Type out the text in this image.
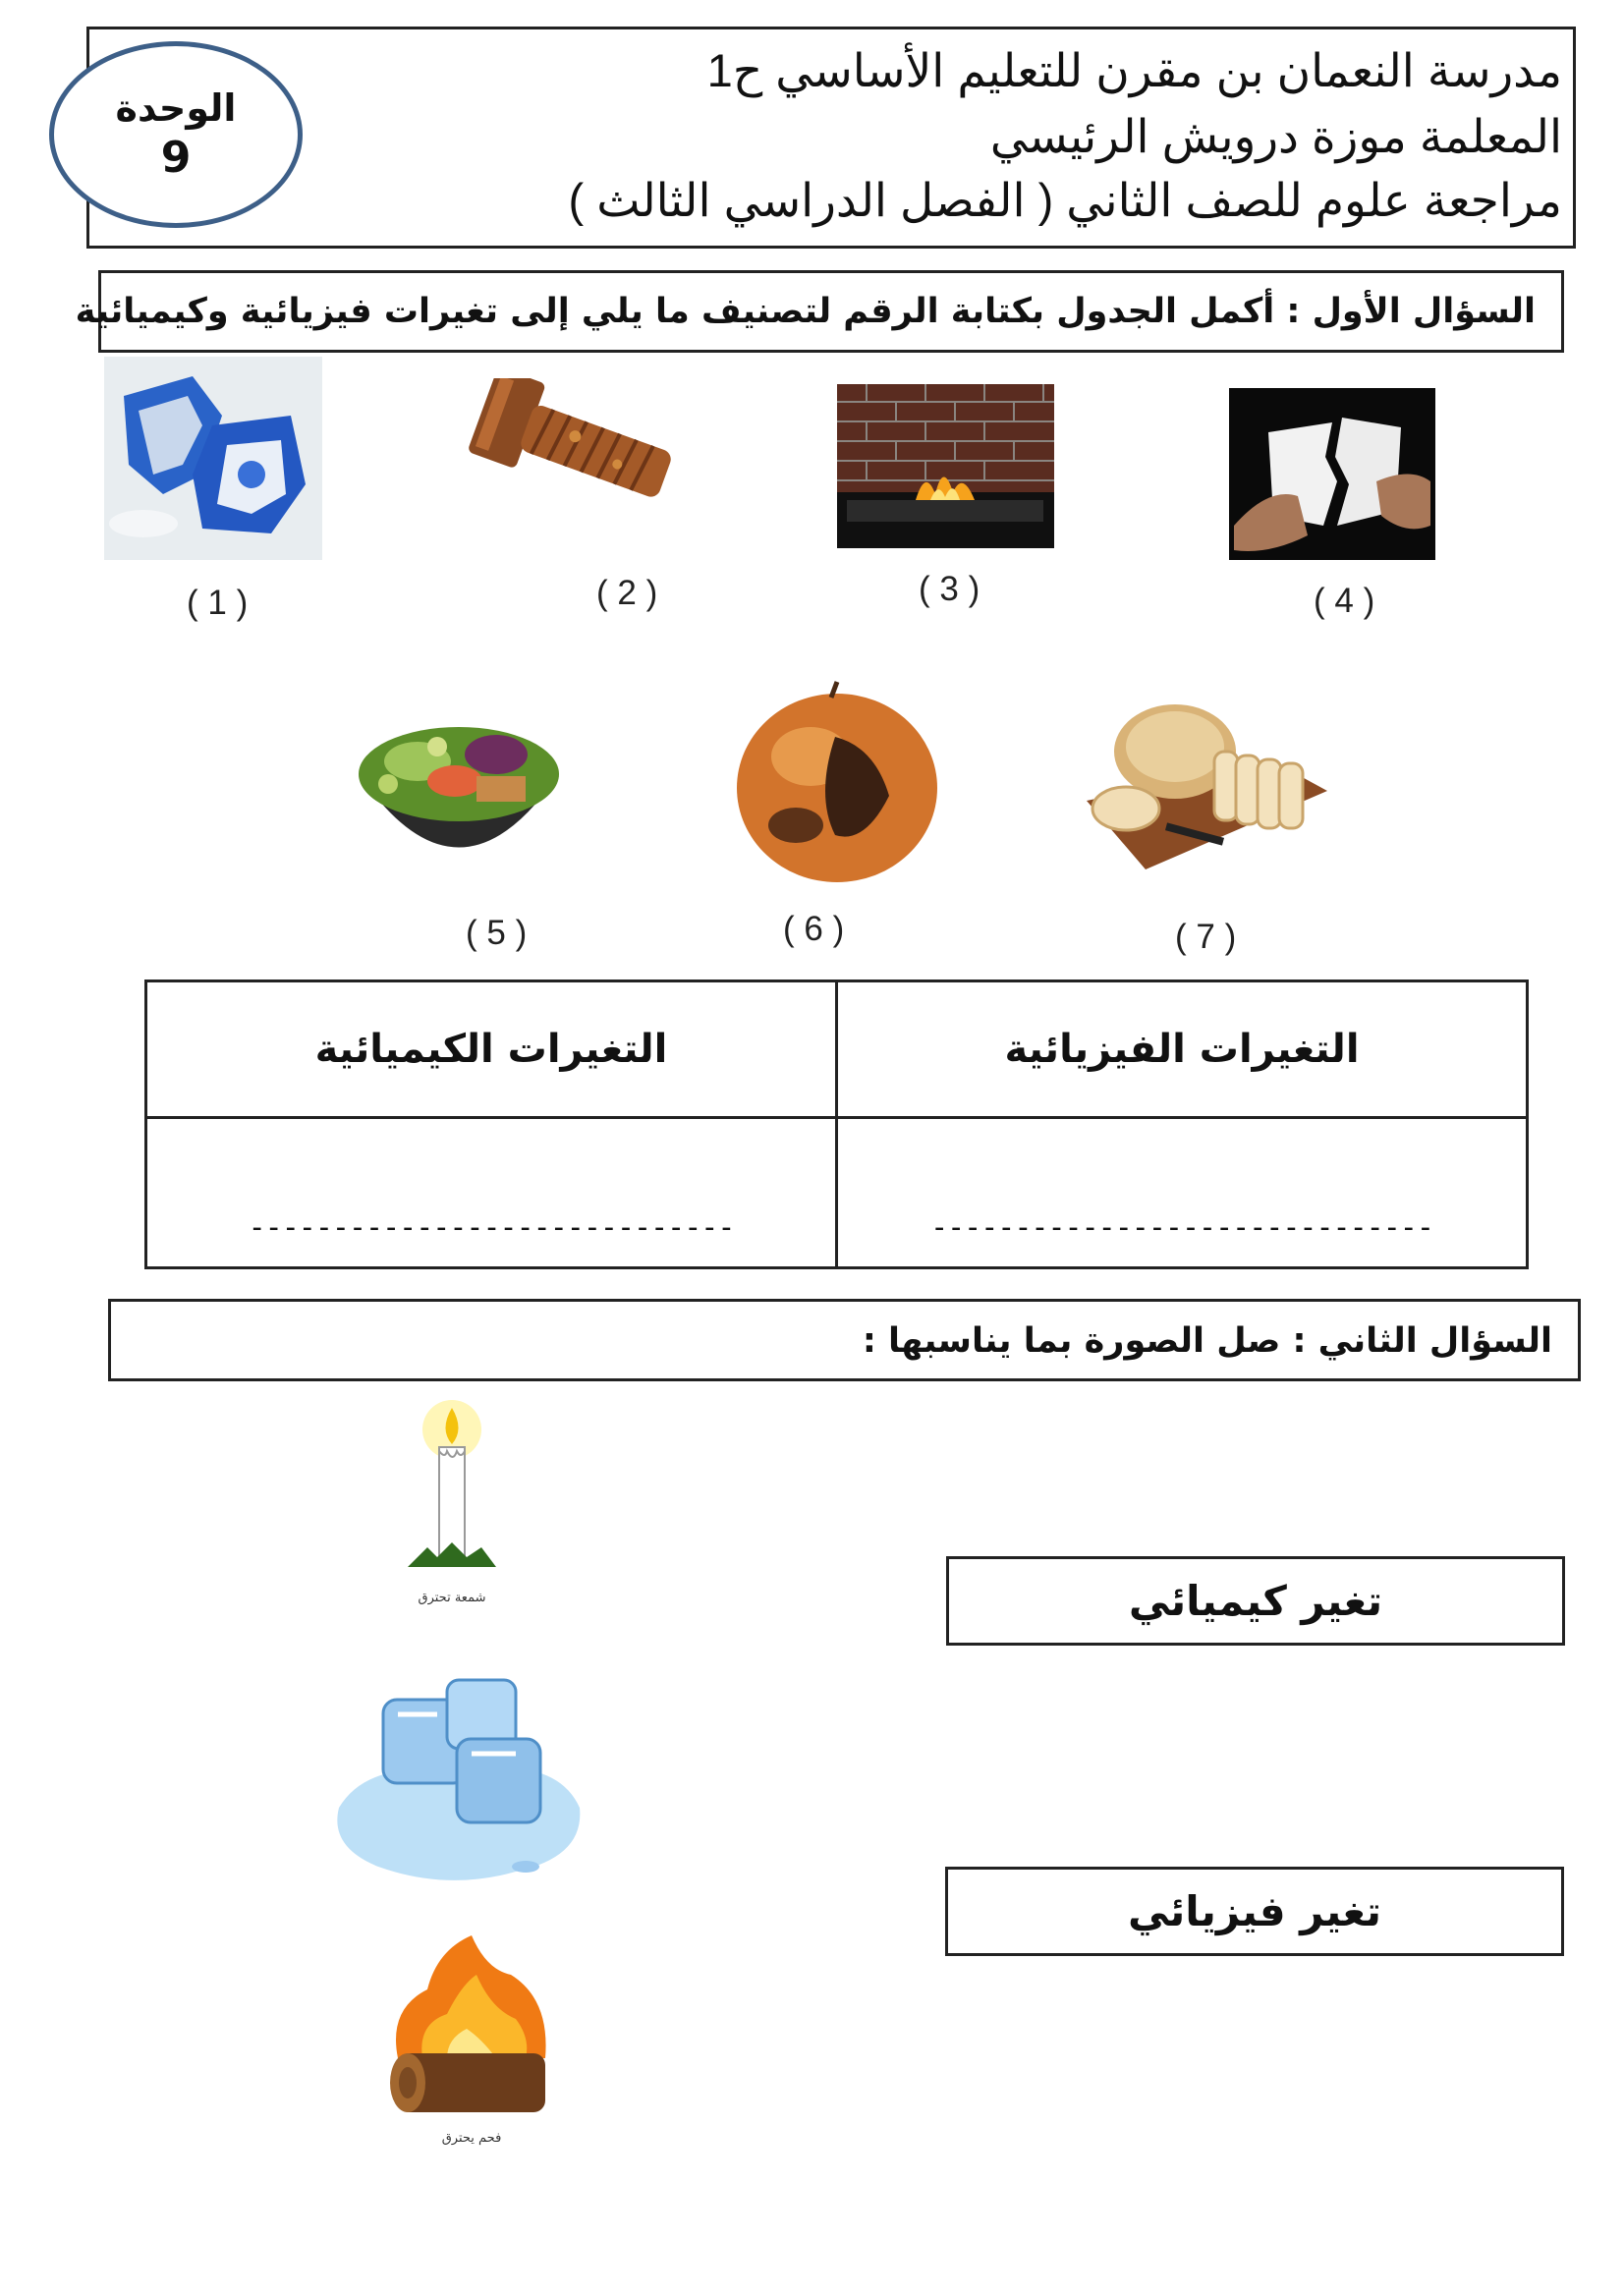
مدرسة النعمان بن مقرن للتعليم الأساسي ح1
المعلمة موزة درويش الرئيسي
مراجعة علوم للصف الثاني ( الفصل الدراسي الثالث )
الوحدة
9
السؤال الأول : أكمل الجدول بكتابة الرقم لتصنيف ما يلي إلى تغيرات فيزيائية وكيميائية
( 1 )	( 2 )	( 3 )	( 4 )
( 5 )	( 6 )	( 7 )
التغيرات الكيميائية	التغيرات الفيزيائية
-----------------------------	------------------------------
السؤال الثاني : صل الصورة بما يناسبها :
شمعة تحترق
فحم يحترق
تغير كيميائي
تغير فيزيائي
